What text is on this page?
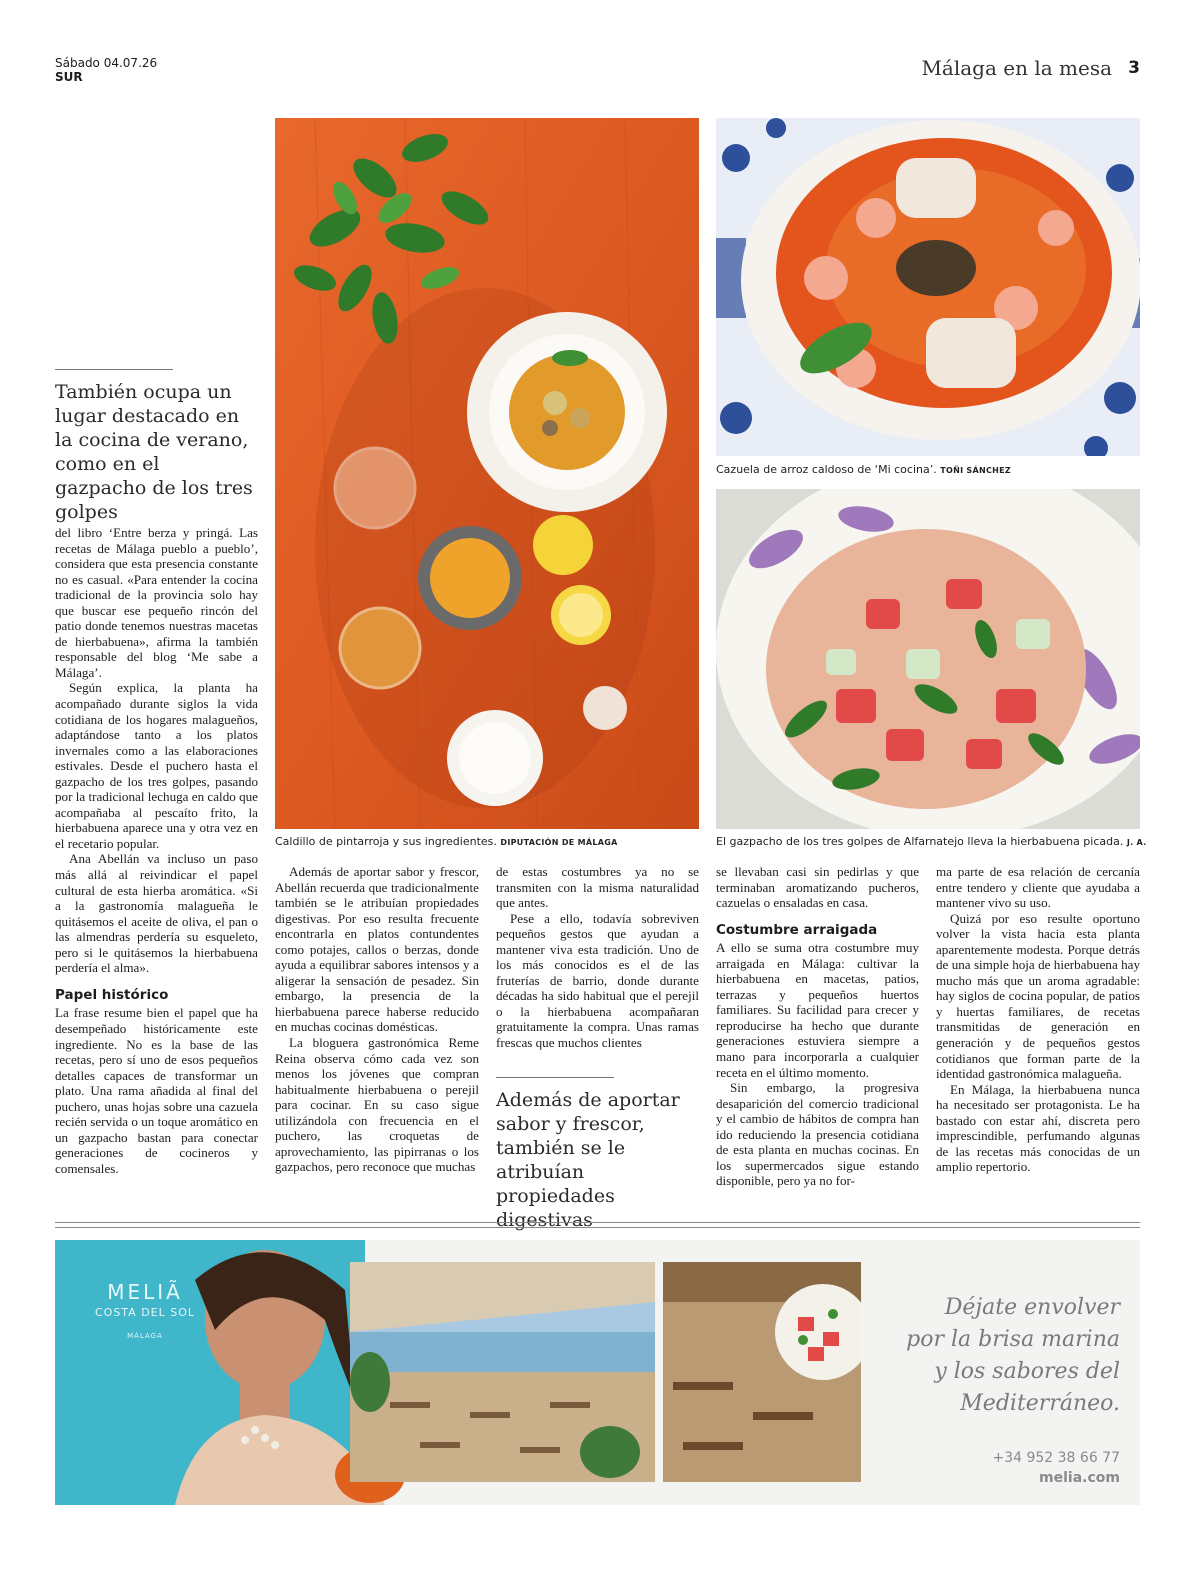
Sábado 04.07.26
SUR	Málaga en la mesa 3
También ocupa un lugar destacado en la cocina de verano, como en el gazpacho de los tres golpes
Caldillo de pintarroja y sus ingredientes. DIPUTACIÓN DE MÁLAGA
Cazuela de arroz caldoso de ‘Mi cocina’. TOÑI SÁNCHEZ
El gazpacho de los tres golpes de Alfarnatejo lleva la hierbabuena picada. J. A.

del libro ‘Entre berza y pringá. Las recetas de Málaga pueblo a pueblo’, considera que esta presencia constante no es casual. «Para entender la cocina tradicional de la provincia solo hay que buscar ese pequeño rincón del patio donde tenemos nuestras macetas de hierbabuena», afirma la también responsable del blog ‘Me sabe a Málaga’.

Según explica, la planta ha acompañado durante siglos la vida cotidiana de los hogares malagueños, adaptándose tanto a los platos invernales como a las elaboraciones estivales. Desde el puchero hasta el gazpacho de los tres golpes, pasando por la tradicional lechuga en caldo que acompañaba al pescaíto frito, la hierbabuena aparece una y otra vez en el recetario popular.

Ana Abellán va incluso un paso más allá al reivindicar el papel cultural de esta hierba aromática. «Si a la gastronomía malagueña le quitásemos el aceite de oliva, el pan o las almendras perdería su esqueleto, pero si le quitásemos la hierbabuena perdería el alma».

Papel histórico

La frase resume bien el papel que ha desempeñado históricamente este ingrediente. No es la base de las recetas, pero sí uno de esos pequeños detalles capaces de transformar un plato. Una rama añadida al final del puchero, unas hojas sobre una cazuela recién servida o un toque aromático en un gazpacho bastan para conectar generaciones de cocineros y comensales.

Además de aportar sabor y frescor, Abellán recuerda que tradicionalmente también se le atribuían propiedades digestivas. Por eso resulta frecuente encontrarla en platos contundentes como potajes, callos o berzas, donde ayuda a equilibrar sabores intensos y a aligerar la sensación de pesadez. Sin embargo, la presencia de la hierbabuena parece haberse reducido en muchas cocinas domésticas.

La bloguera gastronómica Reme Reina observa cómo cada vez son menos los jóvenes que compran habitualmente hierbabuena o perejil para cocinar. En su caso sigue utilizándola con frecuencia en el puchero, las croquetas de aprovechamiento, las pipirranas o los gazpachos, pero reconoce que muchas

de estas costumbres ya no se transmiten con la misma naturalidad que antes.

Pese a ello, todavía sobreviven pequeños gestos que ayudan a mantener viva esta tradición. Uno de los más conocidos es el de las fruterías de barrio, donde durante décadas ha sido habitual que el perejil o la hierbabuena acompañaran gratuitamente la compra. Unas ramas frescas que muchos clientes

Además de aportar sabor y frescor, también se le atribuían propiedades digestivas

se llevaban casi sin pedirlas y que terminaban aromatizando pucheros, cazuelas o ensaladas en casa.

Costumbre arraigada

A ello se suma otra costumbre muy arraigada en Málaga: cultivar la hierbabuena en macetas, patios, terrazas y pequeños huertos familiares. Su facilidad para crecer y reproducirse ha hecho que durante generaciones estuviera siempre a mano para incorporarla a cualquier receta en el último momento.

Sin embargo, la progresiva desaparición del comercio tradicional y el cambio de hábitos de compra han ido reduciendo la presencia cotidiana de esta planta en muchas cocinas. En los supermercados sigue estando disponible, pero ya no for-

ma parte de esa relación de cercanía entre tendero y cliente que ayudaba a mantener vivo su uso.

Quizá por eso resulte oportuno volver la vista hacia esta planta aparentemente modesta. Porque detrás de una simple hoja de hierbabuena hay mucho más que un aroma agradable: hay siglos de cocina popular, de patios y huertas familiares, de recetas transmitidas de generación en generación y de pequeños gestos cotidianos que forman parte de la identidad gastronómica malagueña.

En Málaga, la hierbabuena nunca ha necesitado ser protagonista. Le ha bastado con estar ahí, discreta pero imprescindible, perfumando algunas de las recetas más conocidas de un amplio repertorio.

MELIÃ
COSTA DEL SOL
MÁLAGA
Déjate envolver
por la brisa marina
y los sabores del
Mediterráneo.
+34 952 38 66 77
melia.com
